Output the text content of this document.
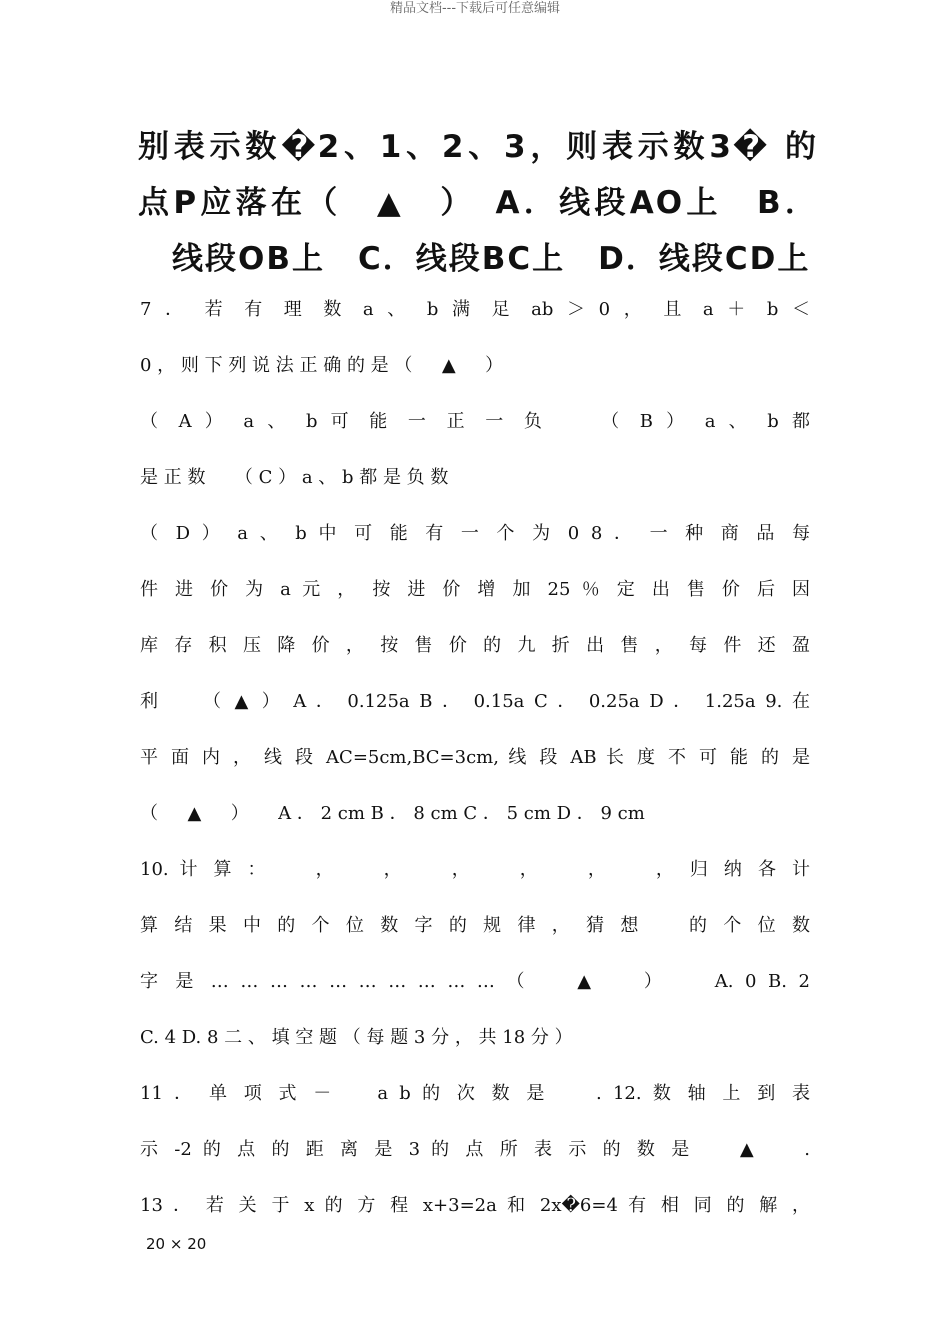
精品文档---下载后可任意编辑
别表示数�2、1、2、3，则表示数3� 的
点P应落在（　▲　）　A．线段AO上　B．
线段OB上　C．线段BC上　D．线段CD上
7 ． 若 有 理 数 a 、 b 满 足 ab ＞ 0 ， 且 a ＋ b ＜
0 ， 则 下 列 说 法 正 确 的 是 （ 　 ▲ 　 ）
（ A ） a 、 b 可 能 一 正 一 负 　 （ B ） a 、 b 都
是 正 数 　 （ C ） a 、 b 都 是 负 数
（ D ） a 、 b 中 可 能 有 一 个 为 0 8 ． 一 种 商 品 每
件 进 价 为 a 元 ， 按 进 价 增 加 25 ％ 定 出 售 价 后 因
库 存 积 压 降 价 ， 按 售 价 的 九 折 出 售 ， 每 件 还 盈
利 　 （ ▲ ） A ． 0.125a B ． 0.15a C ． 0.25a D ． 1.25a 9. 在
平 面 内 ， 线 段 AC=5cm,BC=3cm, 线 段 AB 长 度 不 可 能 的 是
（ 　 ▲ 　 ） 　 A ． 2 cm B ． 8 cm C ． 5 cm D ． 9 cm
10. 计 算 ： 　 ， 　 ， 　 ， 　 ， 　 ， 　 ， 归 纳 各 计
算 结 果 中 的 个 位 数 字 的 规 律 ， 猜 想 　 的 个 位 数
字 是 … … … … … … … … … … （ 　 ▲ 　 ） 　 A. 0 B. 2
C. 4 D. 8 二 、 填 空 题 （ 每 题 3 分 ， 共 18 分 ）
11 ． 单 项 式 － 　 a b 的 次 数 是 　 . 12. 数 轴 上 到 表
示 -2 的 点 的 距 离 是 3 的 点 所 表 示 的 数 是 　 ▲ 　 .
13 ． 若 关 于 x 的 方 程 x+3=2a 和 2x�6=4 有 相 同 的 解 ，
20 × 20
